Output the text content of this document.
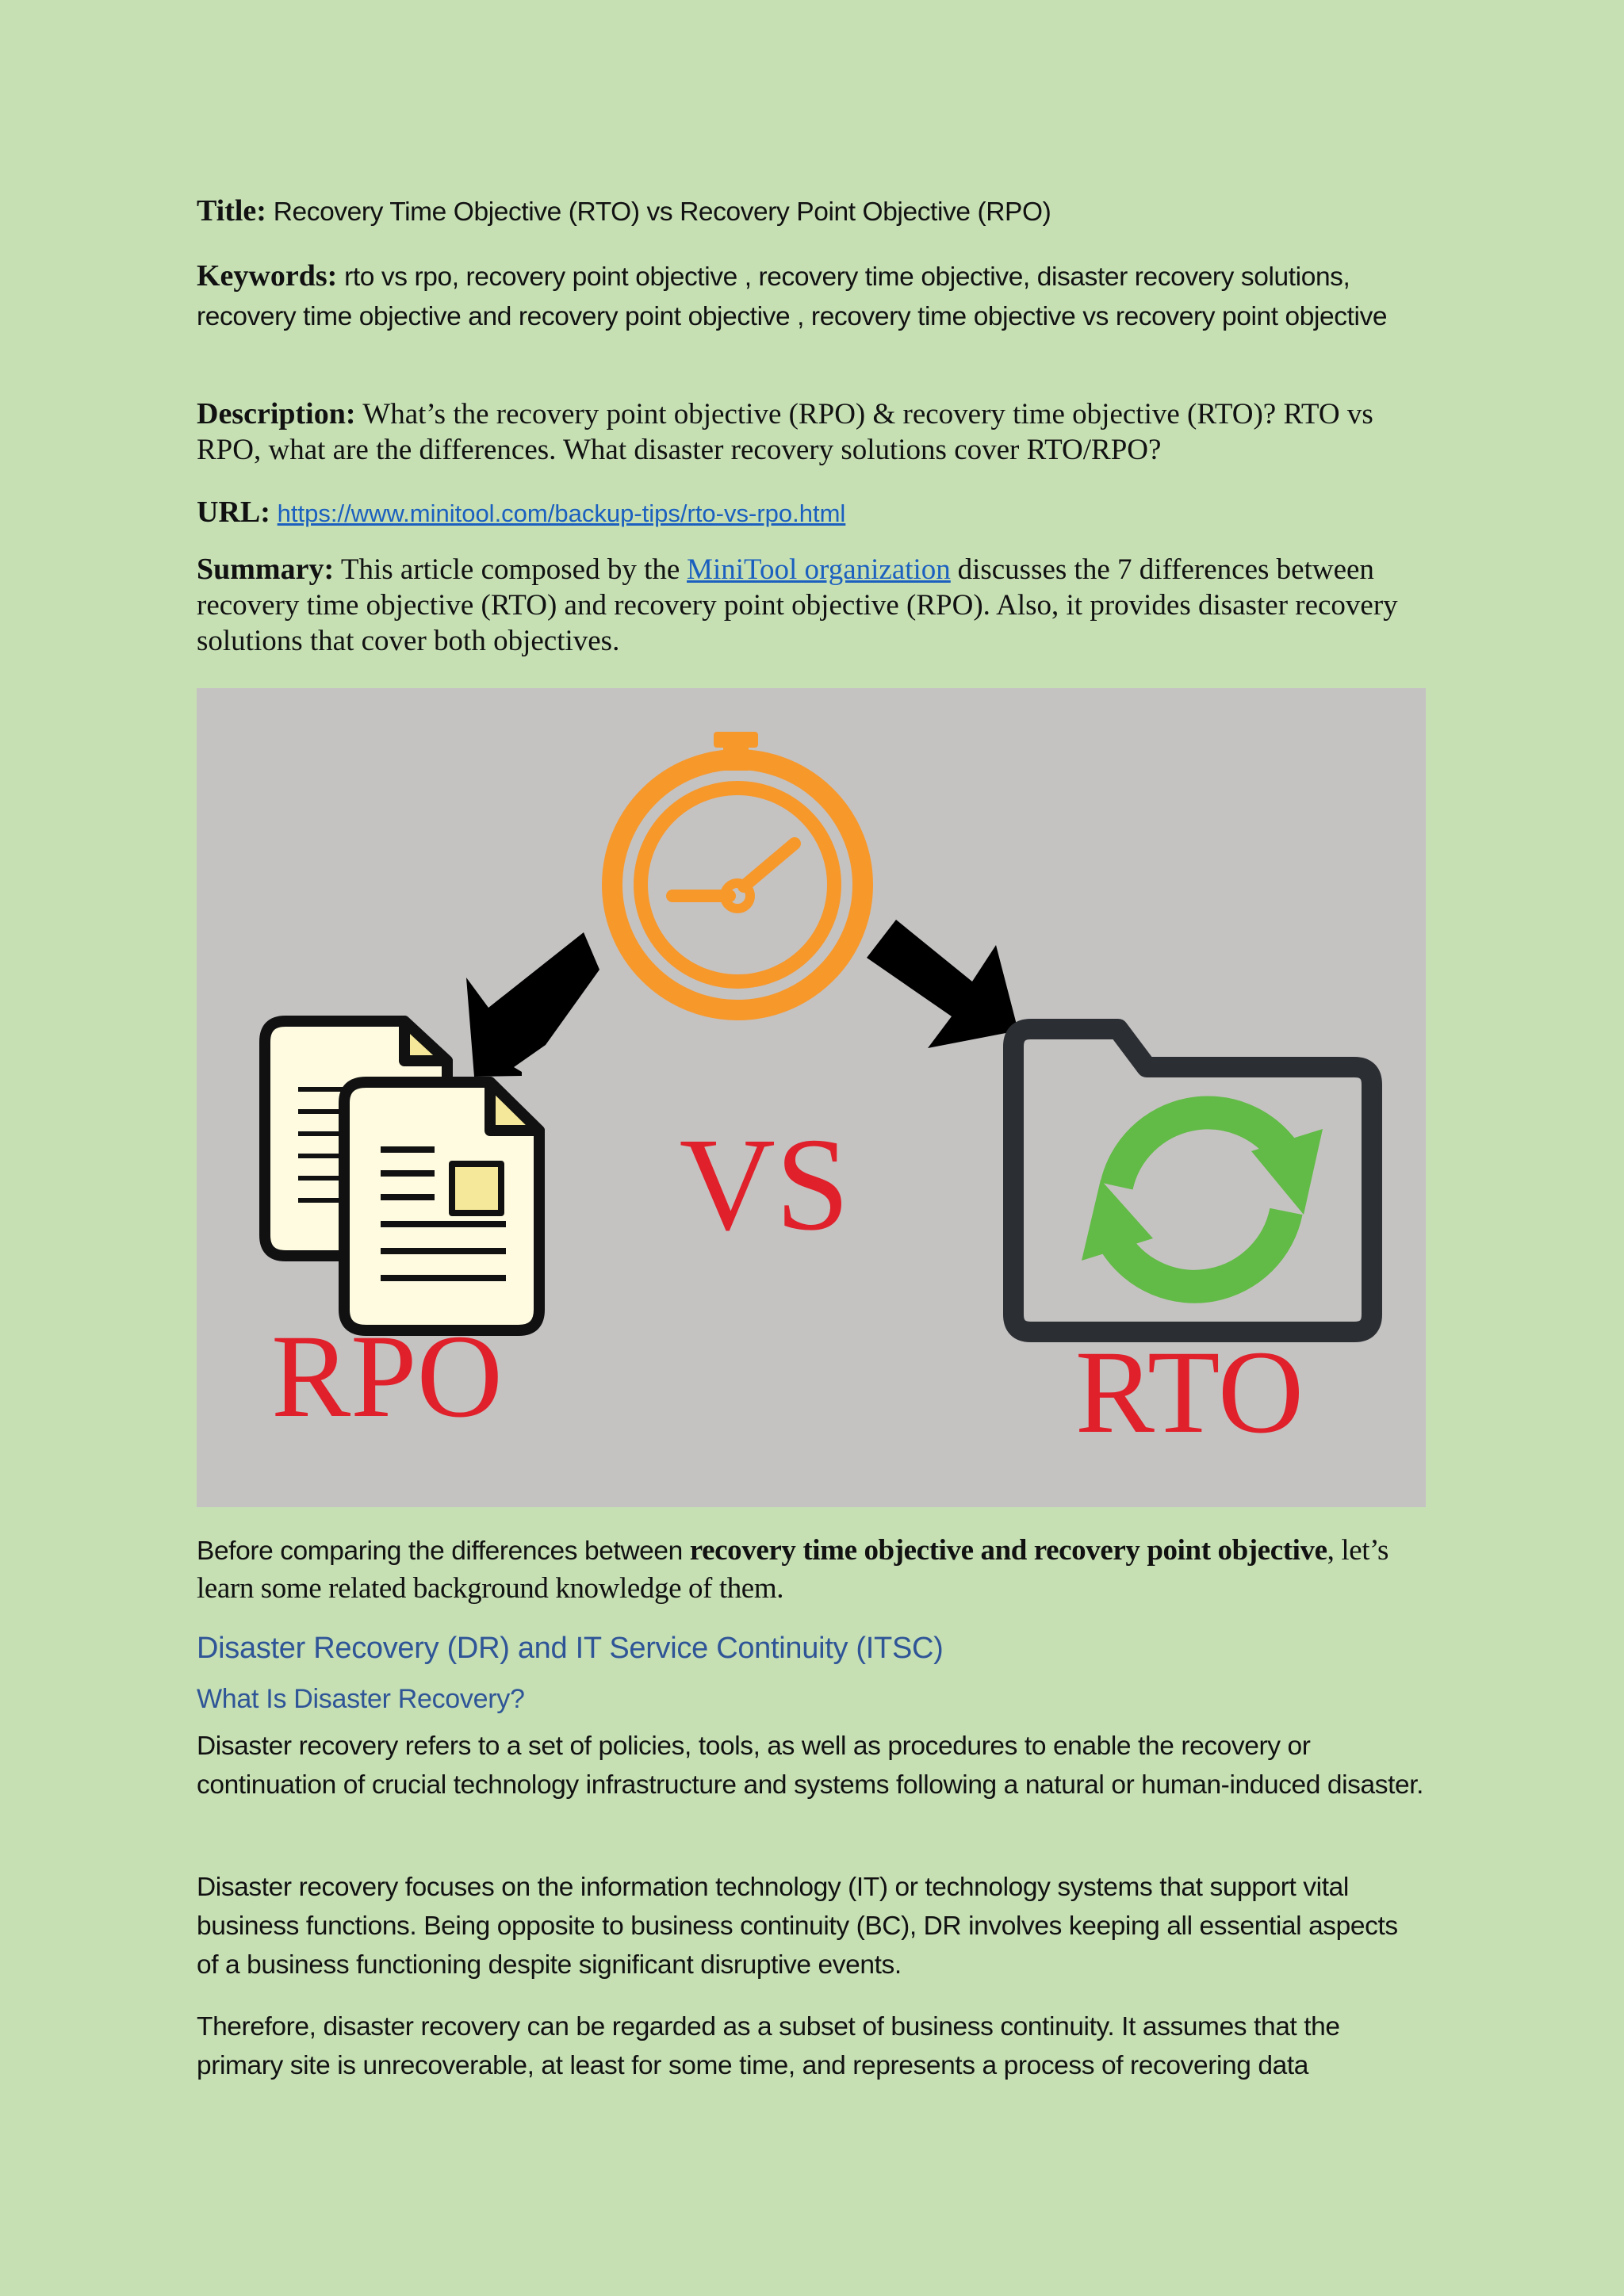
Title: Recovery Time Objective (RTO) vs Recovery Point Objective (RPO)
Keywords: rto vs rpo, recovery point objective , recovery time objective, disaster recovery solutions, recovery time objective and recovery point objective , recovery time objective vs recovery point objective
Description: What’s the recovery point objective (RPO) & recovery time objective (RTO)? RTO vs RPO, what are the differences. What disaster recovery solutions cover RTO/RPO?
URL: https://www.minitool.com/backup-tips/rto-vs-rpo.html
Summary: This article composed by the MiniTool organization discusses the 7 differences between recovery time objective (RTO) and recovery point objective (RPO). Also, it provides disaster recovery solutions that cover both objectives.
RPO
VS
RTO
Before comparing the differences between recovery time objective and recovery point objective, let’s learn some related background knowledge of them.
Disaster Recovery (DR) and IT Service Continuity (ITSC)
What Is Disaster Recovery?
Disaster recovery refers to a set of policies, tools, as well as procedures to enable the recovery or continuation of crucial technology infrastructure and systems following a natural or human-induced disaster.
Disaster recovery focuses on the information technology (IT) or technology systems that support vital business functions. Being opposite to business continuity (BC), DR involves keeping all essential aspects of a business functioning despite significant disruptive events.
Therefore, disaster recovery can be regarded as a subset of business continuity. It assumes that the primary site is unrecoverable, at least for some time, and represents a process of recovering data
